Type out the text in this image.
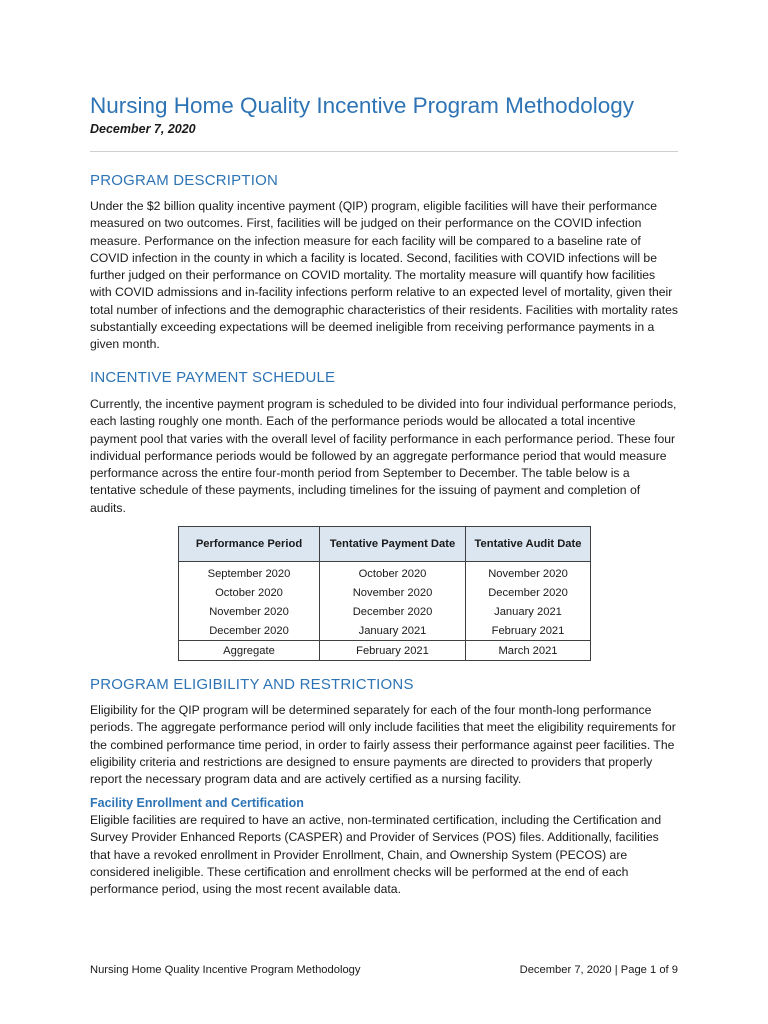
Nursing Home Quality Incentive Program Methodology
December 7, 2020
PROGRAM DESCRIPTION
Under the $2 billion quality incentive payment (QIP) program, eligible facilities will have their performance measured on two outcomes. First, facilities will be judged on their performance on the COVID infection measure. Performance on the infection measure for each facility will be compared to a baseline rate of COVID infection in the county in which a facility is located. Second, facilities with COVID infections will be further judged on their performance on COVID mortality. The mortality measure will quantify how facilities with COVID admissions and in-facility infections perform relative to an expected level of mortality, given their total number of infections and the demographic characteristics of their residents. Facilities with mortality rates substantially exceeding expectations will be deemed ineligible from receiving performance payments in a given month.
INCENTIVE PAYMENT SCHEDULE
Currently, the incentive payment program is scheduled to be divided into four individual performance periods, each lasting roughly one month. Each of the performance periods would be allocated a total incentive payment pool that varies with the overall level of facility performance in each performance period. These four individual performance periods would be followed by an aggregate performance period that would measure performance across the entire four-month period from September to December. The table below is a tentative schedule of these payments, including timelines for the issuing of payment and completion of audits.
Performance Period	Tentative Payment Date	Tentative Audit Date
September 2020	October 2020	November 2020
October 2020	November 2020	December 2020
November 2020	December 2020	January 2021
December 2020	January 2021	February 2021
Aggregate	February 2021	March 2021
PROGRAM ELIGIBILITY AND RESTRICTIONS
Eligibility for the QIP program will be determined separately for each of the four month-long performance periods. The aggregate performance period will only include facilities that meet the eligibility requirements for the combined performance time period, in order to fairly assess their performance against peer facilities. The eligibility criteria and restrictions are designed to ensure payments are directed to providers that properly report the necessary program data and are actively certified as a nursing facility.
Facility Enrollment and Certification
Eligible facilities are required to have an active, non-terminated certification, including the Certification and Survey Provider Enhanced Reports (CASPER) and Provider of Services (POS) files. Additionally, facilities that have a revoked enrollment in Provider Enrollment, Chain, and Ownership System (PECOS) are considered ineligible. These certification and enrollment checks will be performed at the end of each performance period, using the most recent available data.
Nursing Home Quality Incentive Program Methodology	December 7, 2020 | Page 1 of 9
